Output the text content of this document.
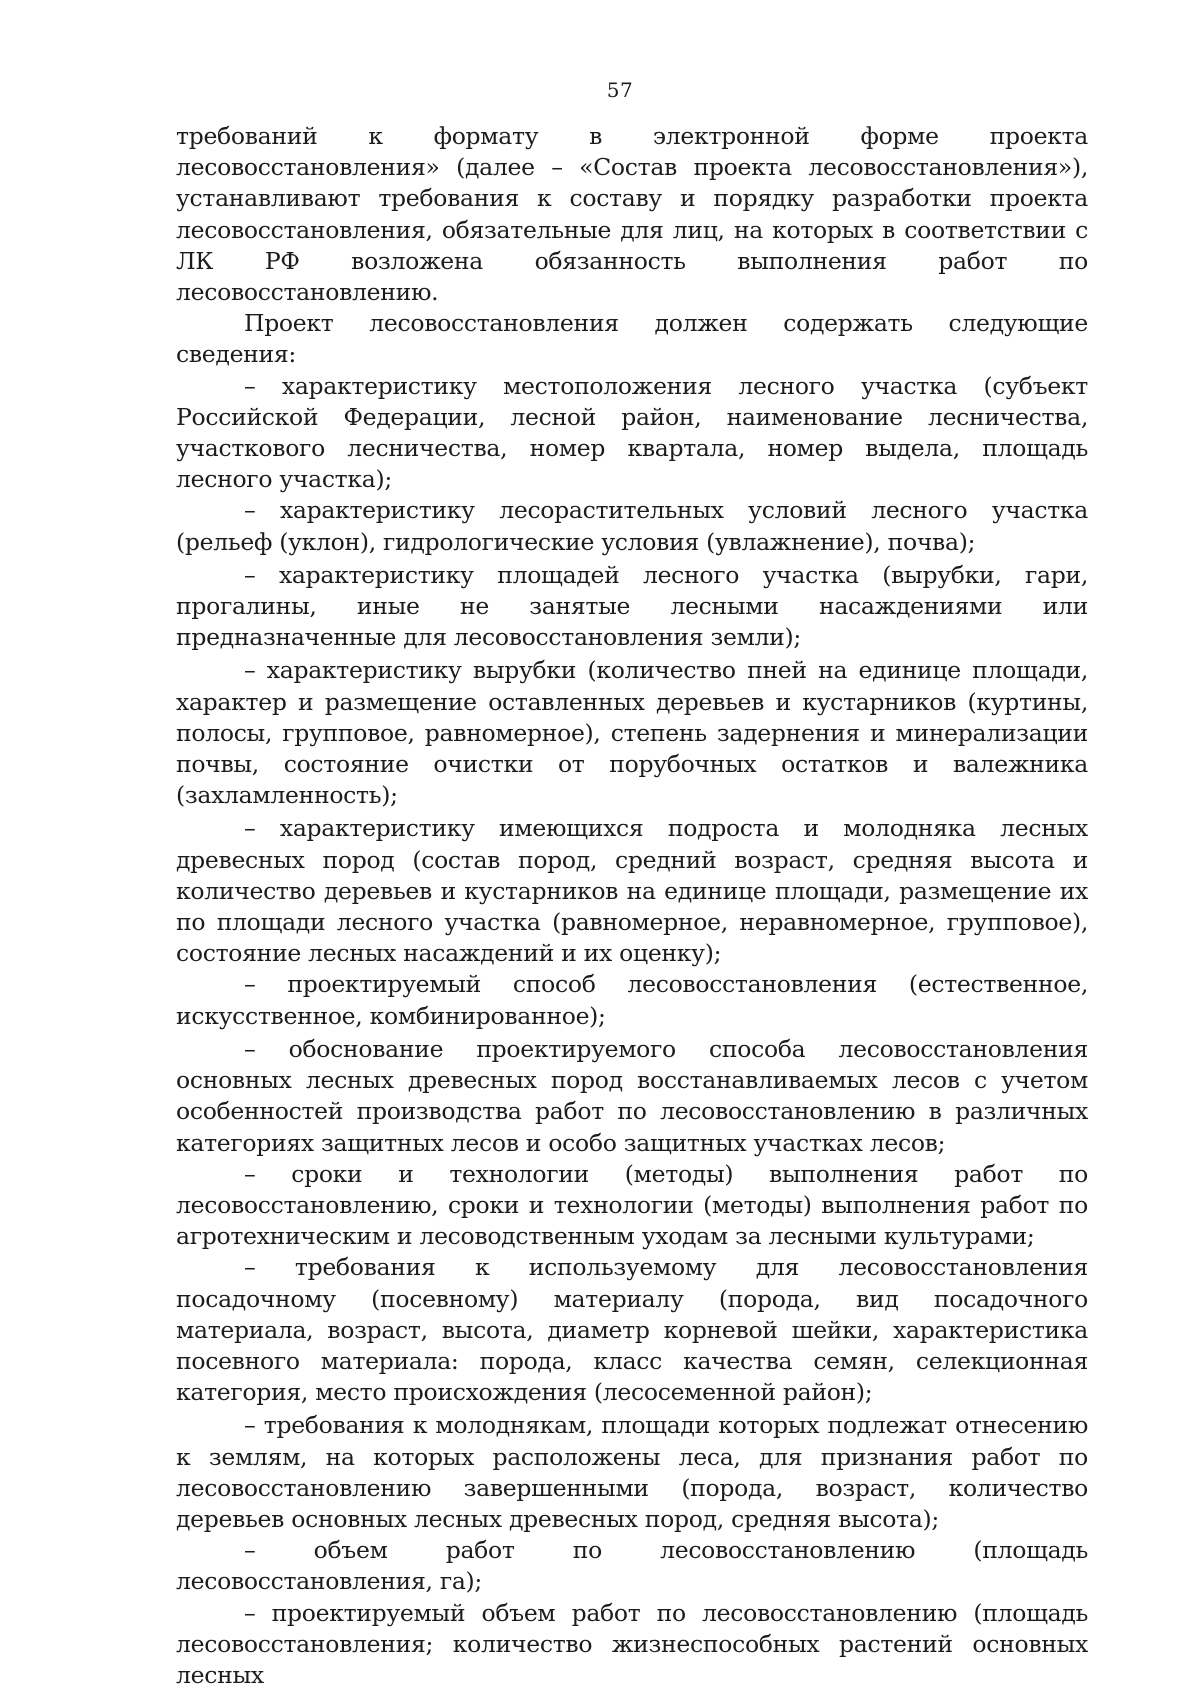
57

требований к формату в электронной форме проекта лесовосстановления» (далее – «Состав проекта лесовосстановления»), устанавливают требования к составу и порядку разработки проекта лесовосстановления, обязательные для лиц, на которых в соответствии с ЛК РФ возложена обязанность выполнения работ по лесовосстановлению.

Проект лесовосстановления должен содержать следующие сведения:

– характеристику местоположения лесного участка (субъект Российской Федерации, лесной район, наименование лесничества, участкового лесничества, номер квартала, номер выдела, площадь лесного участка);

– характеристику лесорастительных условий лесного участка (рельеф (уклон), гидрологические условия (увлажнение), почва);

– характеристику площадей лесного участка (вырубки, гари, прогалины, иные не занятые лесными насаждениями или предназначенные для лесовосстановления земли);

– характеристику вырубки (количество пней на единице площади, характер и размещение оставленных деревьев и кустарников (куртины, полосы, групповое, равномерное), степень задернения и минерализации почвы, состояние очистки от порубочных остатков и валежника (захламленность);

– характеристику имеющихся подроста и молодняка лесных древесных пород (состав пород, средний возраст, средняя высота и количество деревьев и кустарников на единице площади, размещение их по площади лесного участка (равномерное, неравномерное, групповое), состояние лесных насаждений и их оценку);

– проектируемый способ лесовосстановления (естественное, искусственное, комбинированное);

– обоснование проектируемого способа лесовосстановления основных лесных древесных пород восстанавливаемых лесов с учетом особенностей производства работ по лесовосстановлению в различных категориях защитных лесов и особо защитных участках лесов;

– сроки и технологии (методы) выполнения работ по лесовосстановлению, сроки и технологии (методы) выполнения работ по агротехническим и лесоводственным уходам за лесными культурами;

– требования к используемому для лесовосстановления посадочному (посевному) материалу (порода, вид посадочного материала, возраст, высота, диаметр корневой шейки, характеристика посевного материала: порода, класс качества семян, селекционная категория, место происхождения (лесосеменной район);

– требования к молоднякам, площади которых подлежат отнесению к землям, на которых расположены леса, для признания работ по лесовосстановлению завершенными (порода, возраст, количество деревьев основных лесных древесных пород, средняя высота);

– объем работ по лесовосстановлению (площадь лесовосстановления, га);

– проектируемый объем работ по лесовосстановлению (площадь лесовосстановления; количество жизнеспособных растений основных лесных
